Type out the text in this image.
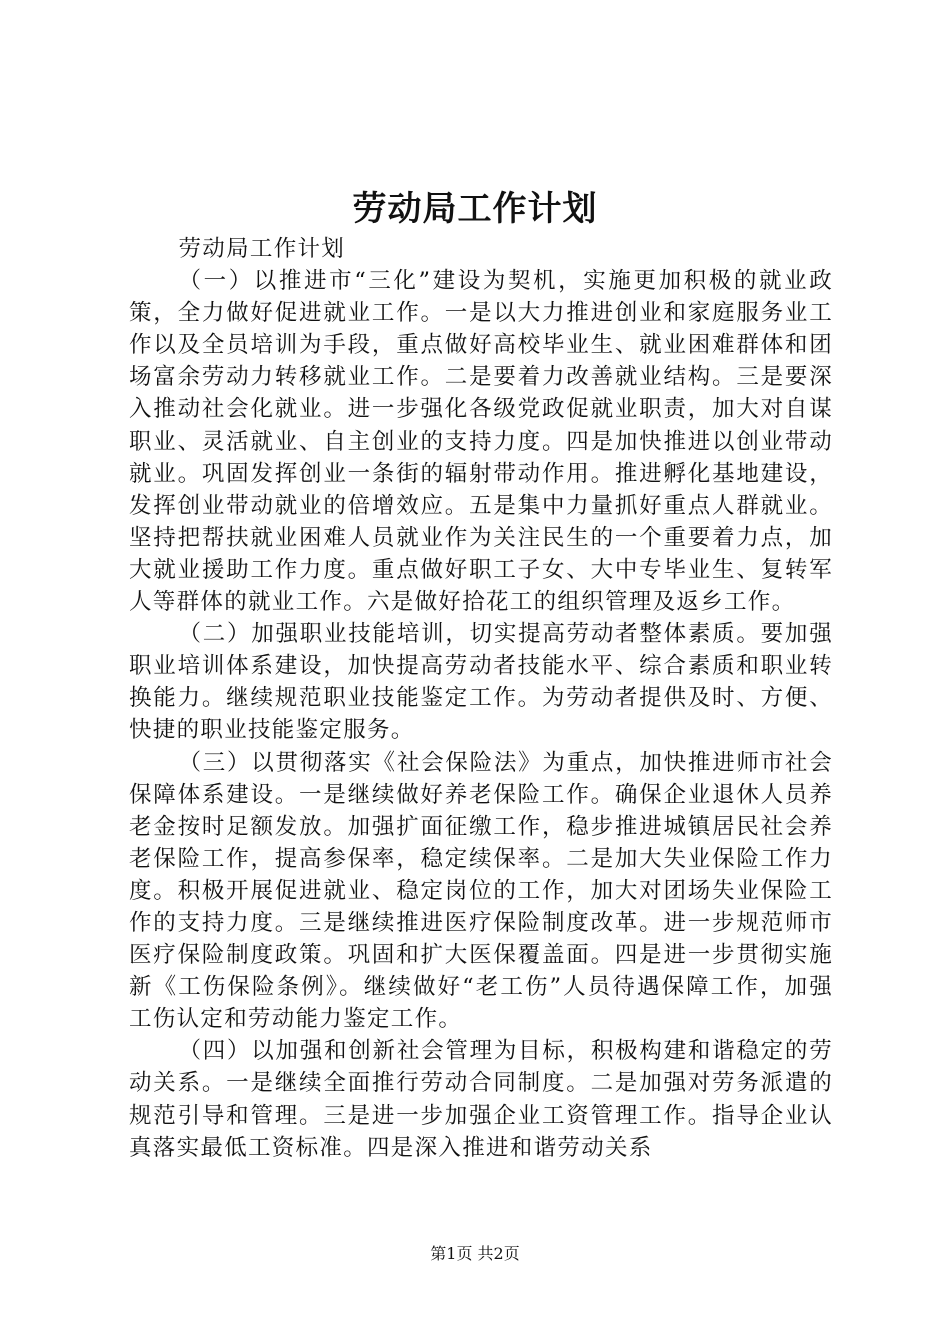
劳动局工作计划

劳动局工作计划

（一）以推进市“三化”建设为契机，实施更加积极的就业政策，全力做好促进就业工作。一是以大力推进创业和家庭服务业工作以及全员培训为手段，重点做好高校毕业生、就业困难群体和团场富余劳动力转移就业工作。二是要着力改善就业结构。三是要深入推动社会化就业。进一步强化各级党政促就业职责，加大对自谋职业、灵活就业、自主创业的支持力度。四是加快推进以创业带动就业。巩固发挥创业一条街的辐射带动作用。推进孵化基地建设，发挥创业带动就业的倍增效应。五是集中力量抓好重点人群就业。坚持把帮扶就业困难人员就业作为关注民生的一个重要着力点，加大就业援助工作力度。重点做好职工子女、大中专毕业生、复转军人等群体的就业工作。六是做好拾花工的组织管理及返乡工作。

（二）加强职业技能培训，切实提高劳动者整体素质。要加强职业培训体系建设，加快提高劳动者技能水平、综合素质和职业转换能力。继续规范职业技能鉴定工作。为劳动者提供及时、方便、快捷的职业技能鉴定服务。

（三）以贯彻落实《社会保险法》为重点，加快推进师市社会保障体系建设。一是继续做好养老保险工作。确保企业退休人员养老金按时足额发放。加强扩面征缴工作，稳步推进城镇居民社会养老保险工作，提高参保率，稳定续保率。二是加大失业保险工作力度。积极开展促进就业、稳定岗位的工作，加大对团场失业保险工作的支持力度。三是继续推进医疗保险制度改革。进一步规范师市医疗保险制度政策。巩固和扩大医保覆盖面。四是进一步贯彻实施新《工伤保险条例》。继续做好“老工伤”人员待遇保障工作，加强工伤认定和劳动能力鉴定工作。

（四）以加强和创新社会管理为目标，积极构建和谐稳定的劳动关系。一是继续全面推行劳动合同制度。二是加强对劳务派遣的规范引导和管理。三是进一步加强企业工资管理工作。指导企业认真落实最低工资标准。四是深入推进和谐劳动关系

第1页 共2页
